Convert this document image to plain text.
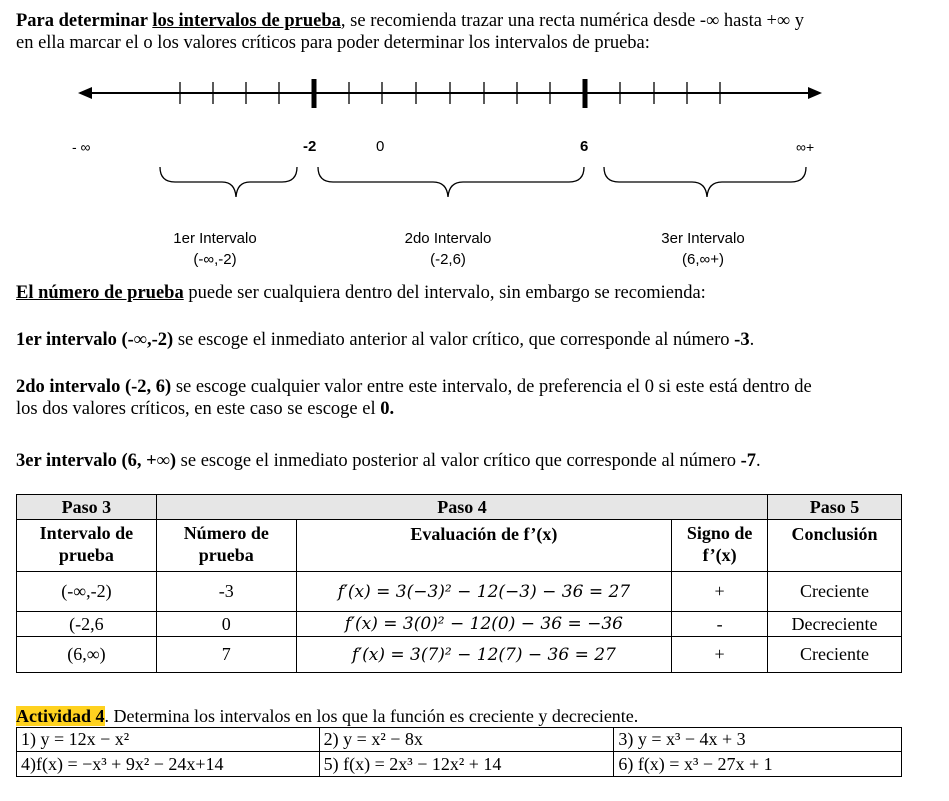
Para determinar los intervalos de prueba, se recomienda trazar una recta numérica desde -∞ hasta +∞ y
en ella marcar el o los valores críticos para poder determinar los intervalos de prueba:
- ∞	-2	0	6	∞+
1er Intervalo
(-∞,-2)
2do Intervalo
(-2,6)
3er Intervalo
(6,∞+)
El número de prueba puede ser cualquiera dentro del intervalo, sin embargo se recomienda:
1er intervalo (-∞,-2) se escoge el inmediato anterior al valor crítico, que corresponde al número -3.
2do intervalo (-2, 6) se escoge cualquier valor entre este intervalo, de preferencia el 0 si este está dentro de
los dos valores críticos, en este caso se escoge el 0.
3er intervalo (6, +∞) se escoge el inmediato posterior al valor crítico que corresponde al número -7.
Paso 3	Paso 4			Paso 5
Intervalo de prueba	Número de prueba	Evaluación de f’(x)	Signo de f’(x)	Conclusión
(-∞,-2)	-3	f′(x) = 3(−3)² − 12(−3) − 36 = 27	+	Creciente
(-2,6	0	f′(x) = 3(0)² − 12(0) − 36 = −36	-	Decreciente
(6,∞)	7	f′(x) = 3(7)² − 12(7) − 36 = 27	+	Creciente
Actividad 4. Determina los intervalos en los que la función es creciente y decreciente.
1) y = 12x − x²	2) y = x² − 8x	3) y = x³ − 4x + 3
4)f(x) = −x³ + 9x² − 24x+14	5) f(x) = 2x³ − 12x² + 14	6) f(x) = x³ − 27x + 1
